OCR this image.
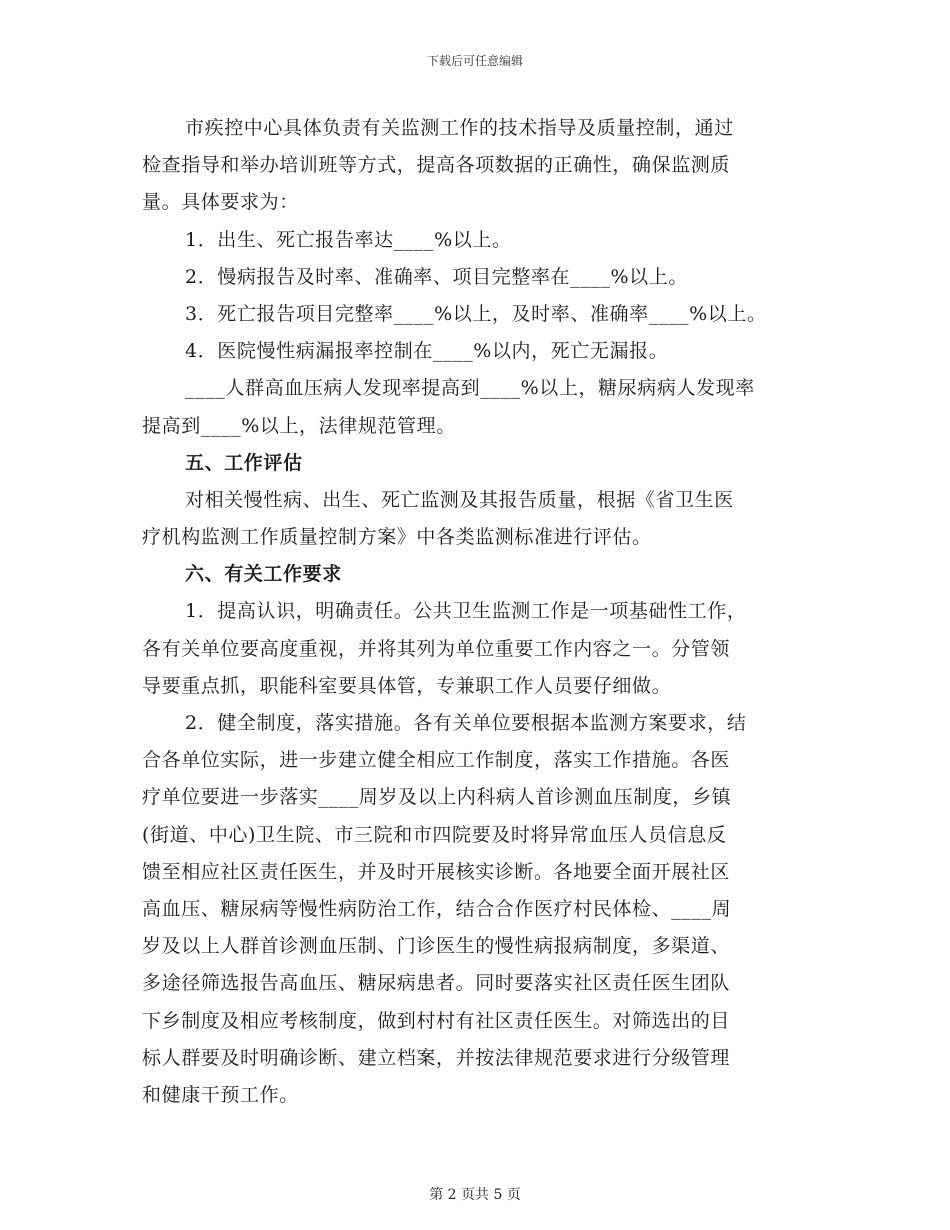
下载后可任意编辑
市疾控中心具体负责有关监测工作的技术指导及质量控制，通过
检查指导和举办培训班等方式，提高各项数据的正确性，确保监测质
量。具体要求为：
1．出生、死亡报告率达____%以上。
2．慢病报告及时率、准确率、项目完整率在____%以上。
3．死亡报告项目完整率____%以上，及时率、准确率____%以上。
4．医院慢性病漏报率控制在____%以内，死亡无漏报。
____人群高血压病人发现率提高到____%以上，糖尿病病人发现率
提高到____%以上，法律规范管理。
五、工作评估
对相关慢性病、出生、死亡监测及其报告质量，根据《省卫生医
疗机构监测工作质量控制方案》中各类监测标准进行评估。
六、有关工作要求
1．提高认识，明确责任。公共卫生监测工作是一项基础性工作，
各有关单位要高度重视，并将其列为单位重要工作内容之一。分管领
导要重点抓，职能科室要具体管，专兼职工作人员要仔细做。
2．健全制度，落实措施。各有关单位要根据本监测方案要求，结
合各单位实际，进一步建立健全相应工作制度，落实工作措施。各医
疗单位要进一步落实____周岁及以上内科病人首诊测血压制度，乡镇
(街道、中心)卫生院、市三院和市四院要及时将异常血压人员信息反
馈至相应社区责任医生，并及时开展核实诊断。各地要全面开展社区
高血压、糖尿病等慢性病防治工作，结合合作医疗村民体检、____周
岁及以上人群首诊测血压制、门诊医生的慢性病报病制度，多渠道、
多途径筛选报告高血压、糖尿病患者。同时要落实社区责任医生团队
下乡制度及相应考核制度，做到村村有社区责任医生。对筛选出的目
标人群要及时明确诊断、建立档案，并按法律规范要求进行分级管理
和健康干预工作。
第 2 页共 5 页
